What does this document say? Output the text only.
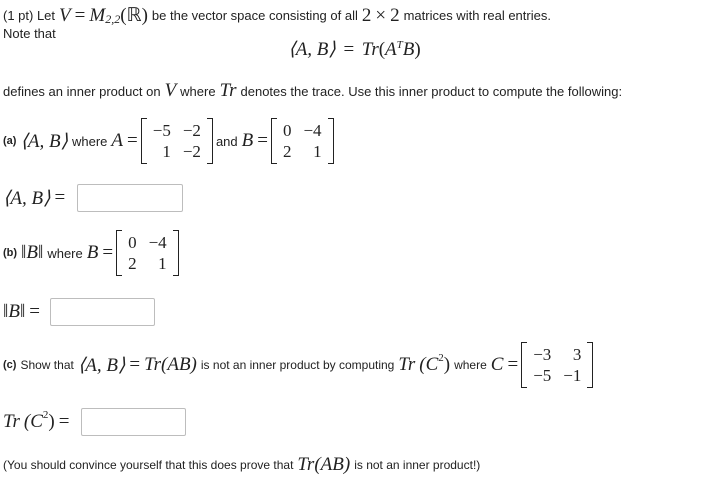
(1 pt) Let V = M 2,2 ( ℝ ) be the vector space consisting of all 2 × 2 matrices with real entries.
Note that
⟨A, B⟩ = $Tr(A^TB)$
defines an inner product on V where Tr denotes the trace. Use this inner product to compute the following:
(a) ⟨A, B⟩ where A = −5 −2
1 −2
and B = 0 −4
2	1
⟨A, B⟩ =
(b) ‖B‖ where B = 0 −4
2	1
‖B‖ =
(c) Show that ⟨A, B⟩ = Tr (AB) is not an inner product by computing Tr (C 2 ) where C = −3	3
−5 −1
Tr (C 2 ) =
(You should convince yourself that this does prove that Tr (AB) is not an inner product!)
